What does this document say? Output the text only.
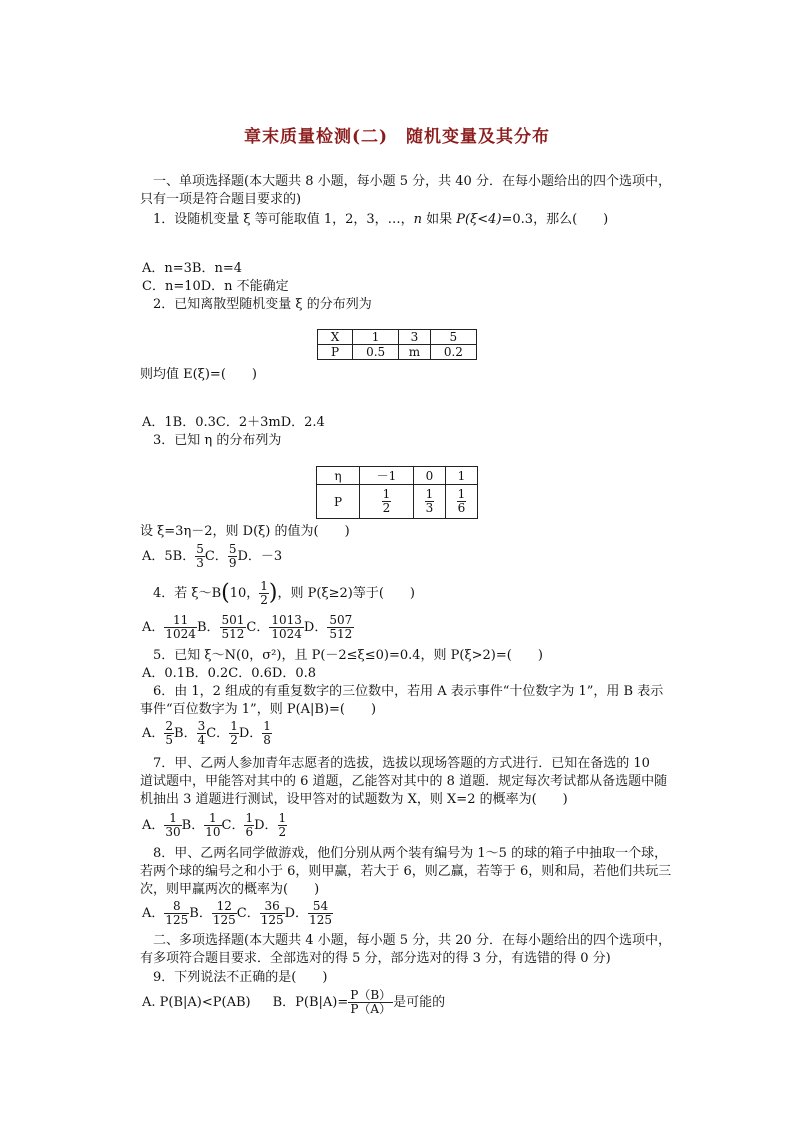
章末质量检测(二)　随机变量及其分布
一、单项选择题(本大题共 8 小题，每小题 5 分，共 40 分．在每小题给出的四个选项中，
只有一项是符合题目要求的)
1．设随机变量 ξ 等可能取值 1，2，3，…，n 如果 P(ξ<4)=0.3，那么(　　)
A．n=3B．n=4
C．n=10D．n 不能确定
2．已知离散型随机变量 ξ 的分布列为
X	1	3	5
P	0.5	m	0.2
则均值 E(ξ)=(　　)
A．1B．0.3C．2＋3mD．2.4
3．已知 η 的分布列为
η	－1	0	1
P	$\frac{1}{2}$	$\frac{1}{3}$	$\frac{1}{6}$
设 ξ=3η－2，则 D(ξ) 的值为(　　)
A．5B． $\frac{5}{3}$ C． $\frac{5}{9}$ D．－3
4．若 ξ～B(10， $\frac{1}{2}$ )，则 P(ξ≥2)等于(　　)
A． $\frac{11}{1024}$ B． $\frac{501}{512}$ C． $\frac{1013}{1024}$ D． $\frac{507}{512}$
5．已知 ξ～N(0，σ²)，且 P(－2≤ξ≤0)=0.4，则 P(ξ>2)=(　　)
A．0.1B．0.2C．0.6D．0.8
6．由 1，2 组成的有重复数字的三位数中，若用 A 表示事件“十位数字为 1”，用 B 表示
事件“百位数字为 1”，则 P(A|B)=(　　)
A． $\frac{2}{5}$ B． $\frac{3}{4}$ C． $\frac{1}{2}$ D． $\frac{1}{8}$
7．甲、乙两人参加青年志愿者的选拔，选拔以现场答题的方式进行．已知在备选的 10
道试题中，甲能答对其中的 6 道题，乙能答对其中的 8 道题．规定每次考试都从备选题中随
机抽出 3 道题进行测试，设甲答对的试题数为 X，则 X=2 的概率为(　　)
A． $\frac{1}{30}$ B． $\frac{1}{10}$ C． $\frac{1}{6}$ D． $\frac{1}{2}$
8．甲、乙两名同学做游戏，他们分别从两个装有编号为 1～5 的球的箱子中抽取一个球，
若两个球的编号之和小于 6，则甲赢，若大于 6，则乙赢，若等于 6，则和局，若他们共玩三
次，则甲赢两次的概率为(　　)
A． $\frac{8}{125}$ B． $\frac{12}{125}$ C． $\frac{36}{125}$ D． $\frac{54}{125}$
二、多项选择题(本大题共 4 小题，每小题 5 分，共 20 分．在每小题给出的四个选项中，
有多项符合题目要求．全部选对的得 5 分，部分选对的得 3 分，有选错的得 0 分)
9．下列说法不正确的是(　　)
A. P(B|A)<P(AB) B．$P(B|A)= \frac{P(B)}{P(A)}$ 是可能的
